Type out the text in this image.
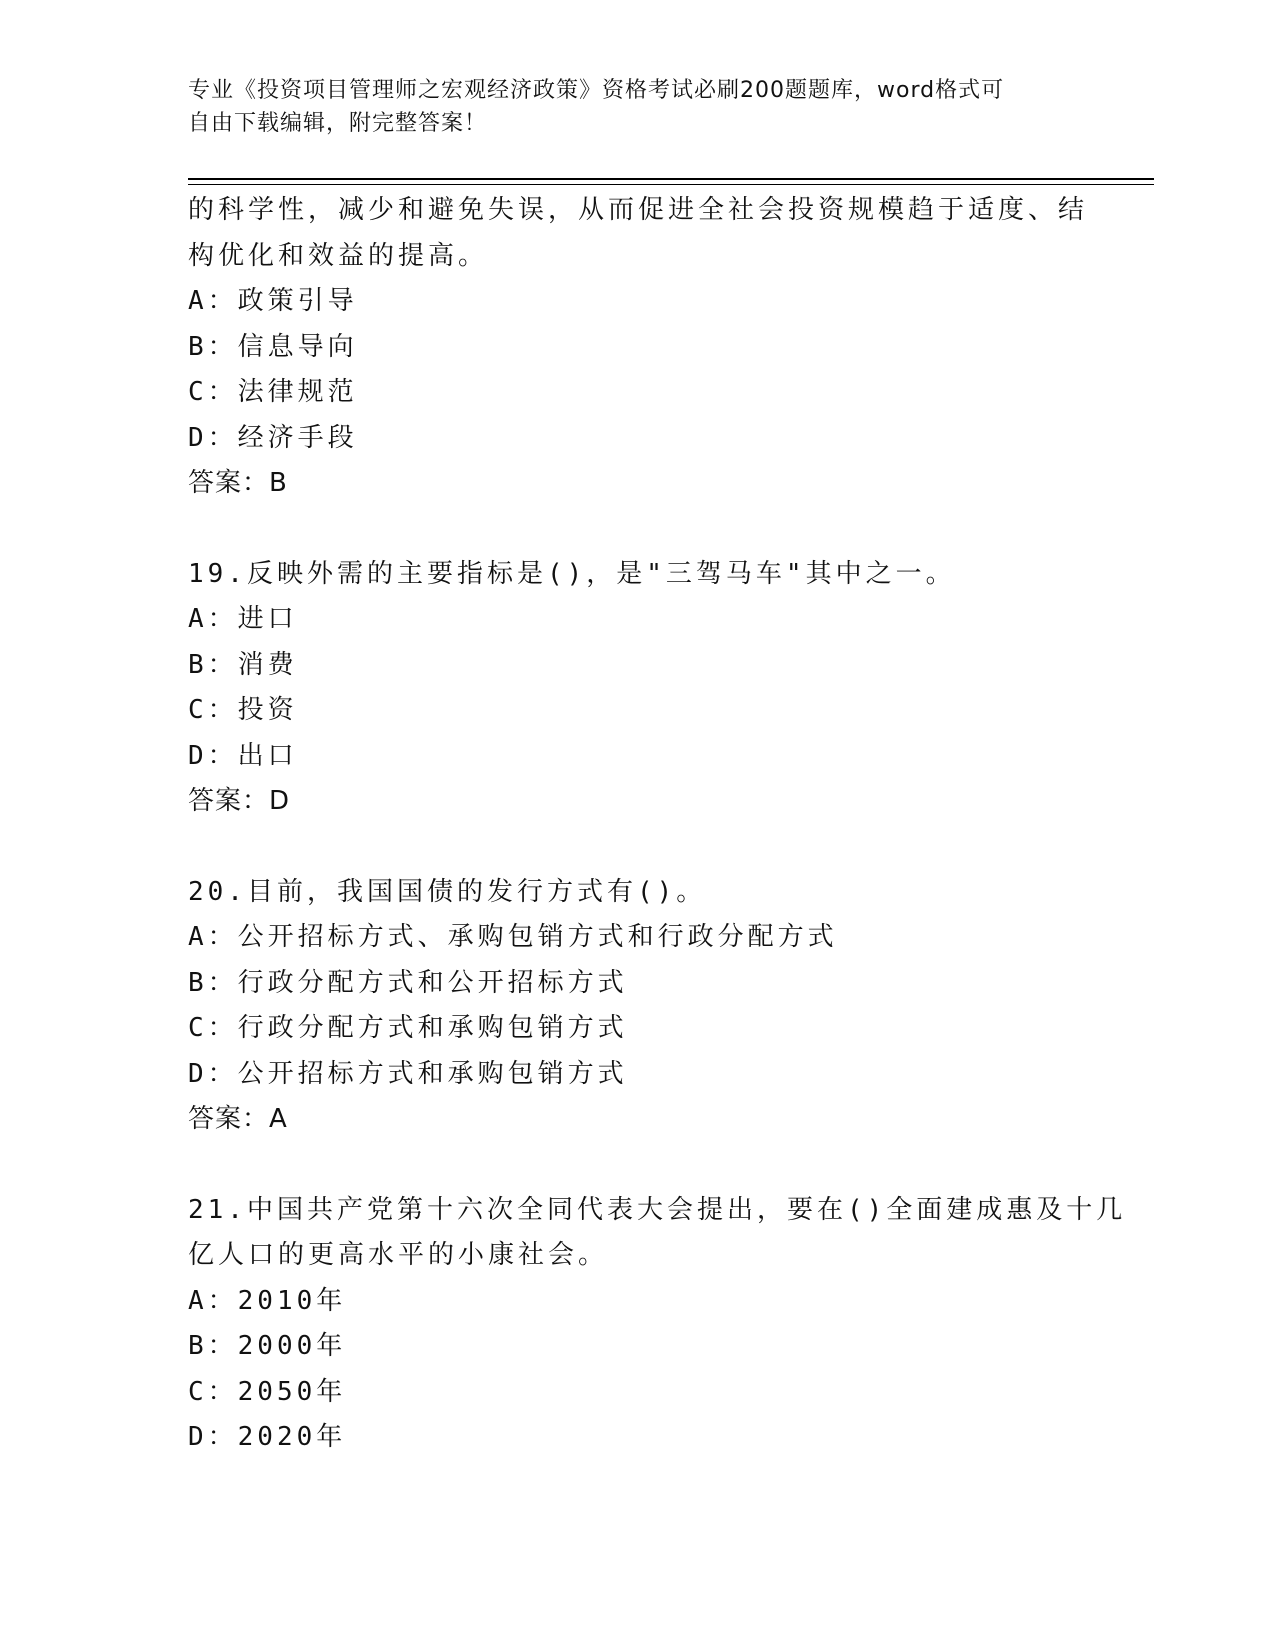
专业《投资项目管理师之宏观经济政策》资格考试必刷200题题库，word格式可
自由下载编辑，附完整答案！
的科学性，减少和避免失误，从而促进全社会投资规模趋于适度、结
构优化和效益的提高。
A：政策引导
B：信息导向
C：法律规范
D：经济手段
答案：B
19.反映外需的主要指标是()，是"三驾马车"其中之一。
A：进口
B：消费
C：投资
D：出口
答案：D
20.目前，我国国债的发行方式有()。
A：公开招标方式、承购包销方式和行政分配方式
B：行政分配方式和公开招标方式
C：行政分配方式和承购包销方式
D：公开招标方式和承购包销方式
答案：A
21.中国共产党第十六次全同代表大会提出，要在()全面建成惠及十几
亿人口的更高水平的小康社会。
A：2010年
B：2000年
C：2050年
D：2020年
